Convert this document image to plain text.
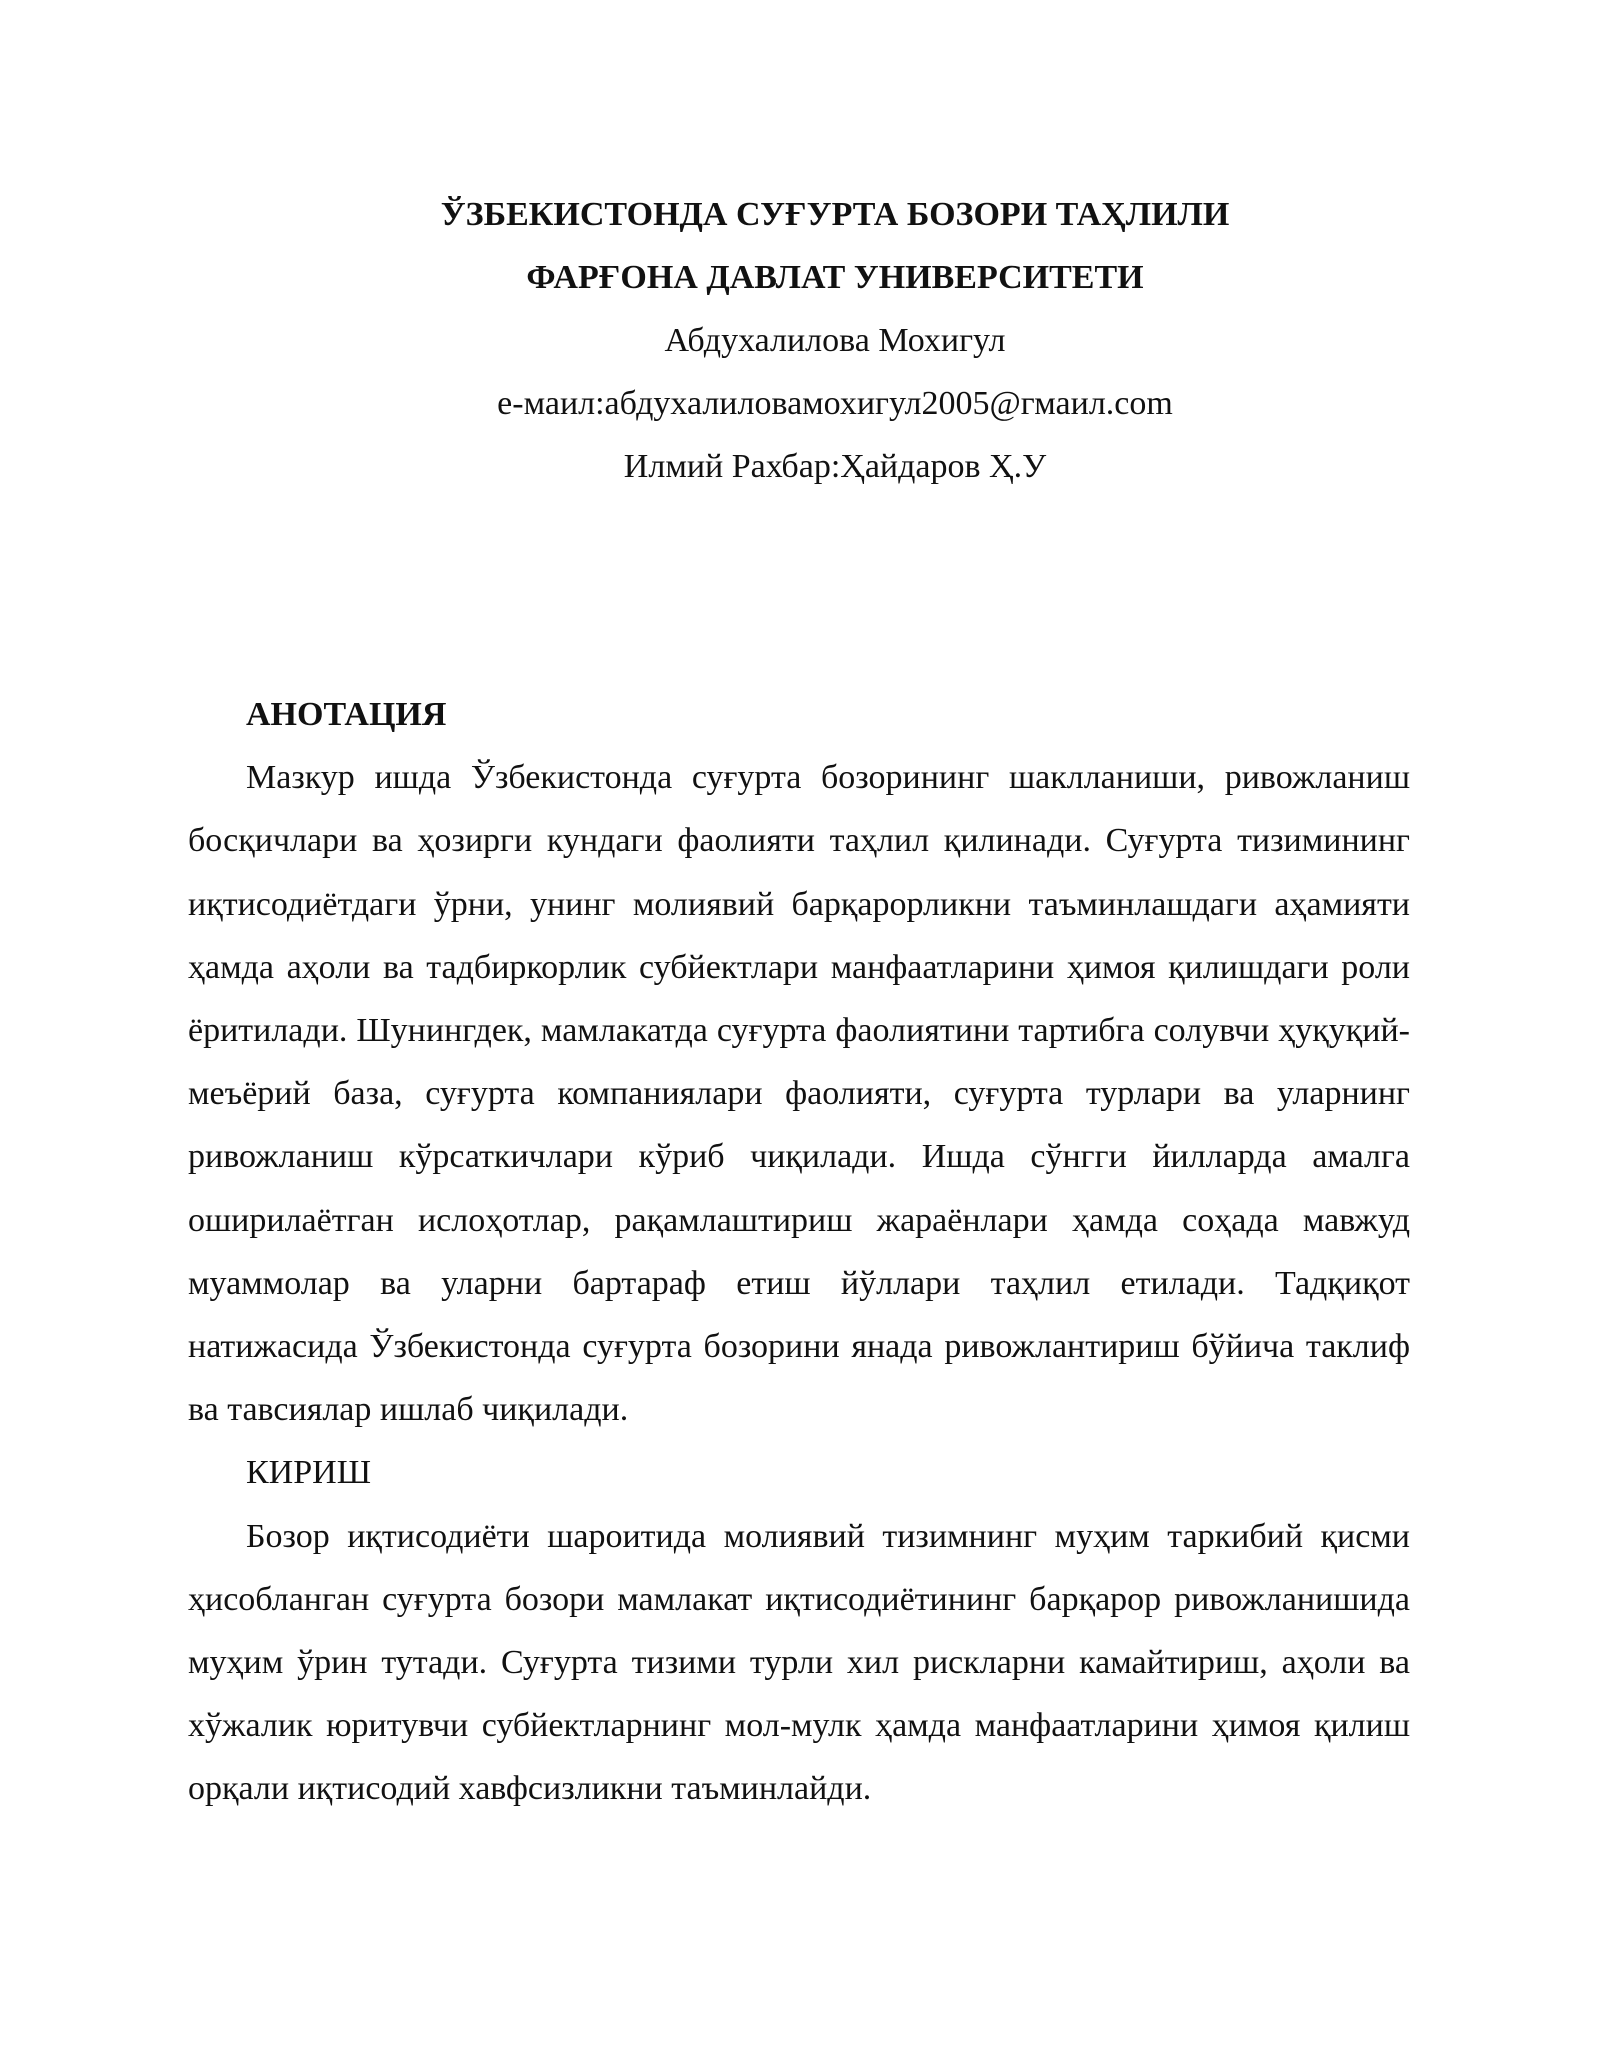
ЎЗБЕКИСТОНДА СУҒУРТА БОЗОРИ ТАҲЛИЛИ
ФАРҒОНА ДАВЛАТ УНИВЕРСИТЕТИ
Абдухалилова Мохигул
е-маил:абдухалиловамохигул2005@гмаил.com
Илмий Рахбар:Ҳайдаров Ҳ.У

АНОТАЦИЯ

Мазкур ишда Ўзбекистонда суғурта бозорининг шаклланиши, ривожланиш босқичлари ва ҳозирги кундаги фаолияти таҳлил қилинади. Суғурта тизимининг иқтисодиётдаги ўрни, унинг молиявий барқарорликни таъминлашдаги аҳамияти ҳамда аҳоли ва тадбиркорлик субйектлари манфаатларини ҳимоя қилишдаги роли ёритилади. Шунингдек, мамлакатда суғурта фаолиятини тартибга солувчи ҳуқуқий-меъёрий база, суғурта компаниялари фаолияти, суғурта турлари ва уларнинг ривожланиш кўрсаткичлари кўриб чиқилади. Ишда сўнгги йилларда амалга оширилаётган ислоҳотлар, рақамлаштириш жараёнлари ҳамда соҳада мавжуд муаммолар ва уларни бартараф етиш йўллари таҳлил етилади. Тадқиқот натижасида Ўзбекистонда суғурта бозорини янада ривожлантириш бўйича таклиф ва тавсиялар ишлаб чиқилади.

КИРИШ

Бозор иқтисодиёти шароитида молиявий тизимнинг муҳим таркибий қисми ҳисобланган суғурта бозори мамлакат иқтисодиётининг барқарор ривожланишида муҳим ўрин тутади. Суғурта тизими турли хил рискларни камайтириш, аҳоли ва хўжалик юритувчи субйектларнинг мол-мулк ҳамда манфаатларини ҳимоя қилиш орқали иқтисодий хавфсизликни таъминлайди.
